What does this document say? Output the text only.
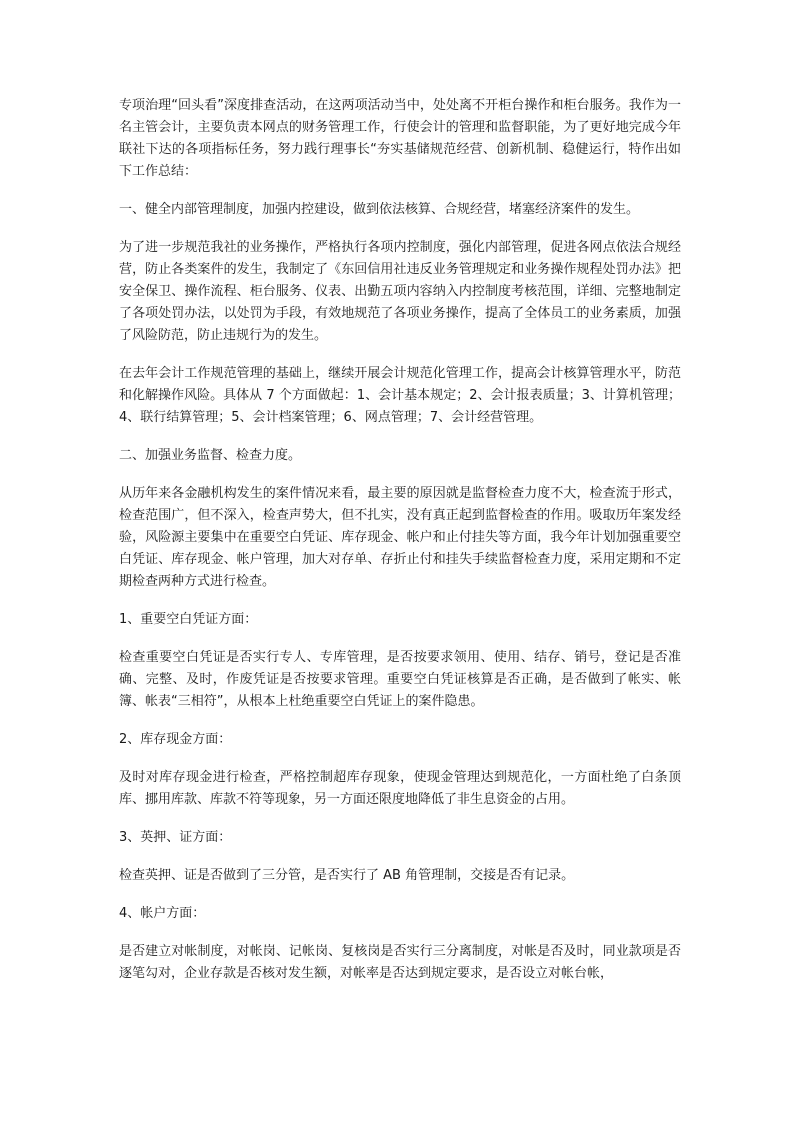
专项治理“回头看”深度排查活动，在这两项活动当中，处处离不开柜台操作和柜台服务。我作为一名主管会计，主要负责本网点的财务管理工作，行使会计的管理和监督职能，为了更好地完成今年联社下达的各项指标任务，努力践行理事长“夯实基储规范经营、创新机制、稳健运行，特作出如下工作总结：

一、健全内部管理制度，加强内控建设，做到依法核算、合规经营，堵塞经济案件的发生。

为了进一步规范我社的业务操作，严格执行各项内控制度，强化内部管理，促进各网点依法合规经营，防止各类案件的发生，我制定了《东回信用社违反业务管理规定和业务操作规程处罚办法》把安全保卫、操作流程、柜台服务、仪表、出勤五项内容纳入内控制度考核范围，详细、完整地制定了各项处罚办法，以处罚为手段，有效地规范了各项业务操作，提高了全体员工的业务素质，加强了风险防范，防止违规行为的发生。

在去年会计工作规范管理的基础上，继续开展会计规范化管理工作，提高会计核算管理水平，防范和化解操作风险。具体从 7 个方面做起：1、会计基本规定；2、会计报表质量；3、计算机管理；4、联行结算管理；5、会计档案管理；6、网点管理；7、会计经营管理。

二、加强业务监督、检查力度。

从历年来各金融机构发生的案件情况来看，最主要的原因就是监督检查力度不大，检查流于形式，检查范围广，但不深入，检查声势大，但不扎实，没有真正起到监督检查的作用。吸取历年案发经验，风险源主要集中在重要空白凭证、库存现金、帐户和止付挂失等方面，我今年计划加强重要空白凭证、库存现金、帐户管理，加大对存单、存折止付和挂失手续监督检查力度，采用定期和不定期检查两种方式进行检查。

1、重要空白凭证方面：

检查重要空白凭证是否实行专人、专库管理，是否按要求领用、使用、结存、销号，登记是否准确、完整、及时，作废凭证是否按要求管理。重要空白凭证核算是否正确，是否做到了帐实、帐簿、帐表“三相符”，从根本上杜绝重要空白凭证上的案件隐患。

2、库存现金方面：

及时对库存现金进行检查，严格控制超库存现象，使现金管理达到规范化，一方面杜绝了白条顶库、挪用库款、库款不符等现象，另一方面还限度地降低了非生息资金的占用。

3、英押、证方面：

检查英押、证是否做到了三分管，是否实行了 AB 角管理制，交接是否有记录。

4、帐户方面：

是否建立对帐制度，对帐岗、记帐岗、复核岗是否实行三分离制度，对帐是否及时，同业款项是否逐笔勾对，企业存款是否核对发生额，对帐率是否达到规定要求，是否设立对帐台帐，
